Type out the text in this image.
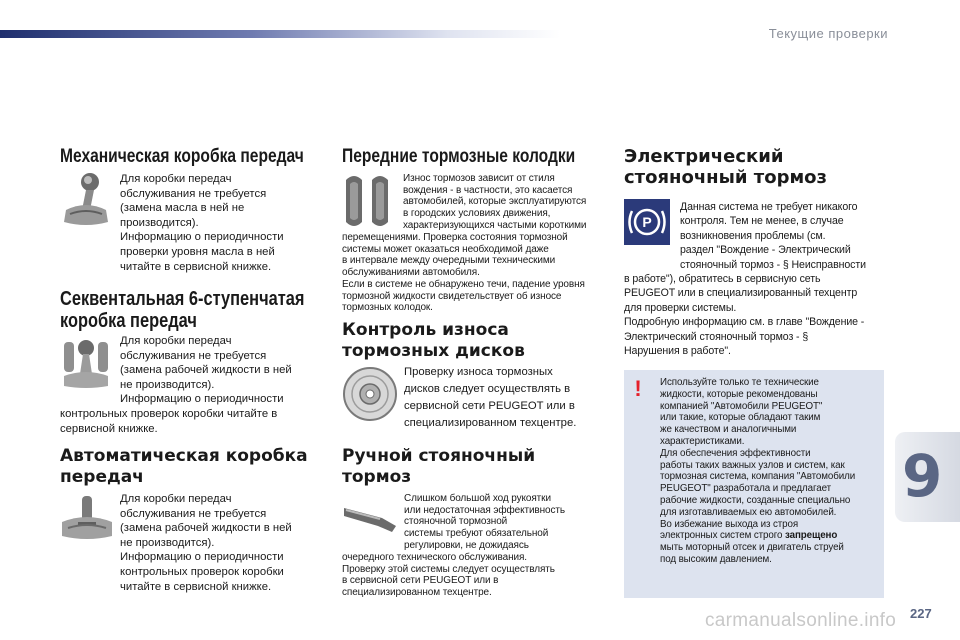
Текущие проверки
Механическая коробка передач
Для коробки передач
обслуживания не требуется
(замена масла в ней не
производится).
Информацию о периодичности
проверки уровня масла в ней
читайте в сервисной книжке.
Секвентальная 6-ступенчатая
коробка передач
Для коробки передач
обслуживания не требуется
(замена рабочей жидкости в ней
не производится).
Информацию о периодичности
контрольных проверок коробки читайте в
сервисной книжке.
Автоматическая коробка
передач
Для коробки передач
обслуживания не требуется
(замена рабочей жидкости в ней
не производится).
Информацию о периодичности
контрольных проверок коробки
читайте в сервисной книжке.
Передние тормозные колодки
Износ тормозов зависит от стиля
вождения - в частности, это касается
автомобилей, которые эксплуатируются
в городских условиях движения,
характеризующихся частыми короткими
перемещениями. Проверка состояния тормозной
системы может оказаться необходимой даже
в интервале между очередными техническими
обслуживаниями автомобиля.
Если в системе не обнаружено течи, падение уровня
тормозной жидкости свидетельствует об износе
тормозных колодок.
Контроль износа
тормозных дисков
Проверку износа тормозных
дисков следует осуществлять в
сервисной сети PEUGEOT или в
специализированном техцентре.
Ручной стояночный
тормоз
Слишком большой ход рукоятки
или недостаточная эффективность
стояночной тормозной
системы требуют обязательной
регулировки, не дожидаясь
очередного технического обслуживания.
Проверку этой системы следует осуществлять
в сервисной сети PEUGEOT или в
специализированном техцентре.
Электрический
стояночный тормоз
P
Данная система не требует никакого
контроля. Тем не менее, в случае
возникновения проблемы (см.
раздел "Вождение - Электрический
стояночный тормоз - § Неисправности
в работе"), обратитесь в сервисную сеть
PEUGEOT или в специализированный техцентр
для проверки системы.
Подробную информацию см. в главе "Вождение -
Электрический стояночный тормоз - §
Нарушения в работе".
!	Используйте только те технические
жидкости, которые рекомендованы
компанией "Автомобили PEUGEOT"
или такие, которые обладают таким
же качеством и аналогичными
характеристиками.
Для обеспечения эффективности
работы таких важных узлов и систем, как
тормозная система, компания "Автомобили
PEUGEOT" разработала и предлагает
рабочие жидкости, созданные специально
для изготавливаемых ею автомобилей.
Во избежание выхода из строя
электронных систем строго запрещено
мыть моторный отсек и двигатель струей
под высоким давлением.
9
carmanualsonline.info 227
